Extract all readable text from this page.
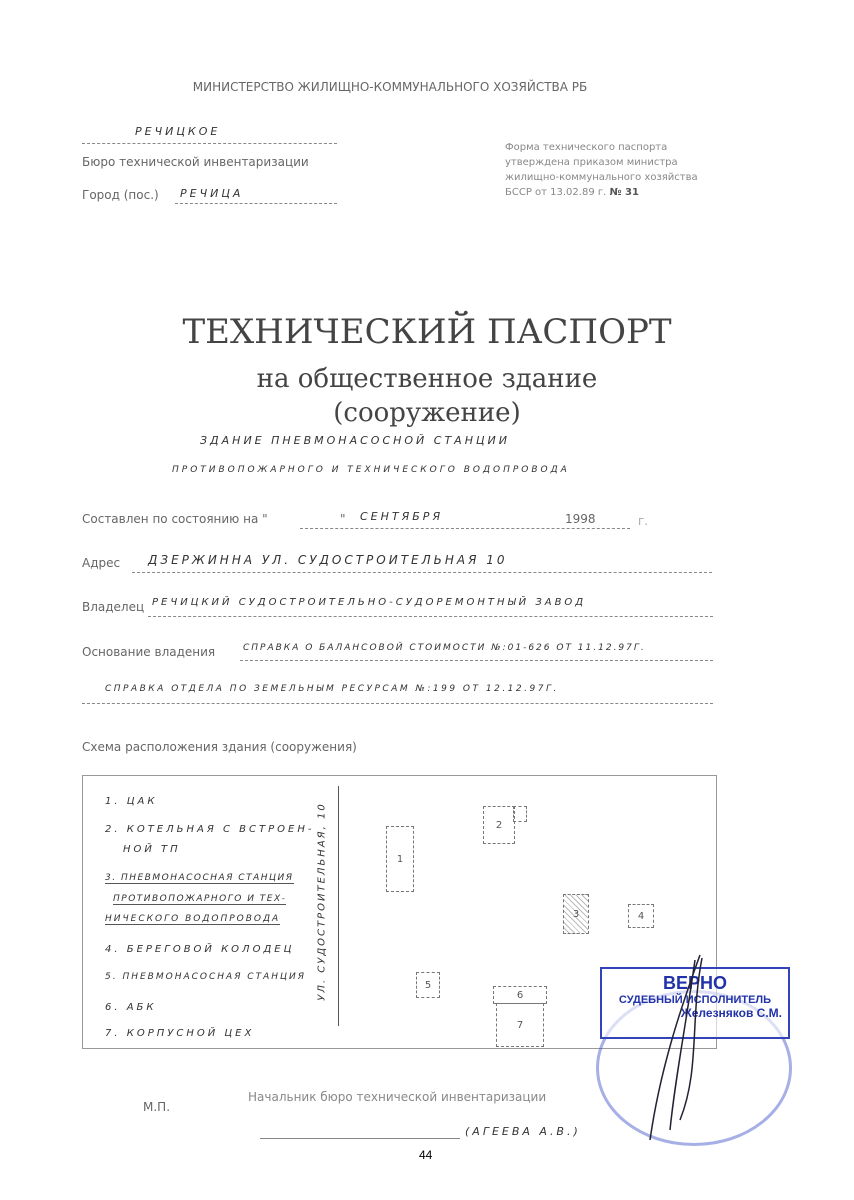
МИНИСТЕРСТВО ЖИЛИЩНО-КОММУНАЛЬНОГО ХОЗЯЙСТВА РБ
РЕЧИЦКОЕ
Бюро технической инвентаризации
Город (пос.) РЕЧИЦА
Форма технического паспорта
утверждена приказом министра
жилищно-коммунального хозяйства
БССР от 13.02.89 г. № 31
ТЕХНИЧЕСКИЙ ПАСПОРТ
на общественное здание
(сооружение)
ЗДАНИЕ ПНЕВМОНАСОСНОЙ СТАНЦИИ
ПРОТИВОПОЖАРНОГО И ТЕХНИЧЕСКОГО ВОДОПРОВОДА
Составлен по состоянию на "	" СЕНТЯБРЯ	1998	г.
Адрес ДЗЕРЖИННА УЛ. СУДОСТРОИТЕЛЬНАЯ 10
Владелец РЕЧИЦКИЙ СУДОСТРОИТЕЛЬНО-СУДОРЕМОНТНЫЙ ЗАВОД
Основание владения	СПРАВКА О БАЛАНСОВОЙ СТОИМОСТИ №:01-626 ОТ 11.12.97Г.
СПРАВКА ОТДЕЛА ПО ЗЕМЕЛЬНЫМ РЕСУРСАМ №:199 ОТ 12.12.97Г.
Схема расположения здания (сооружения)
1. ЦАК
2. КОТЕЛЬНАЯ С ВСТРОЕН-
НОЙ ТП
3. ПНЕВМОНАСОСНАЯ СТАНЦИЯ
ПРОТИВОПОЖАРНОГО И ТЕХ-
НИЧЕСКОГО ВОДОПРОВОДА
4. БЕРЕГОВОЙ КОЛОДЕЦ
5. ПНЕВМОНАСОСНАЯ СТАНЦИЯ
6. АБК
7. КОРПУСНОЙ ЦЕХ
УЛ. СУДОСТРОИТЕЛЬНАЯ, 10	1
2
3	4
5
6
7
ВЕРНО
СУДЕБНЫЙ ИСПОЛНИТЕЛЬ
Железняков С.М.
М.П.
Начальник бюро технической инвентаризации
(АГЕЕВА А.В.)
44
